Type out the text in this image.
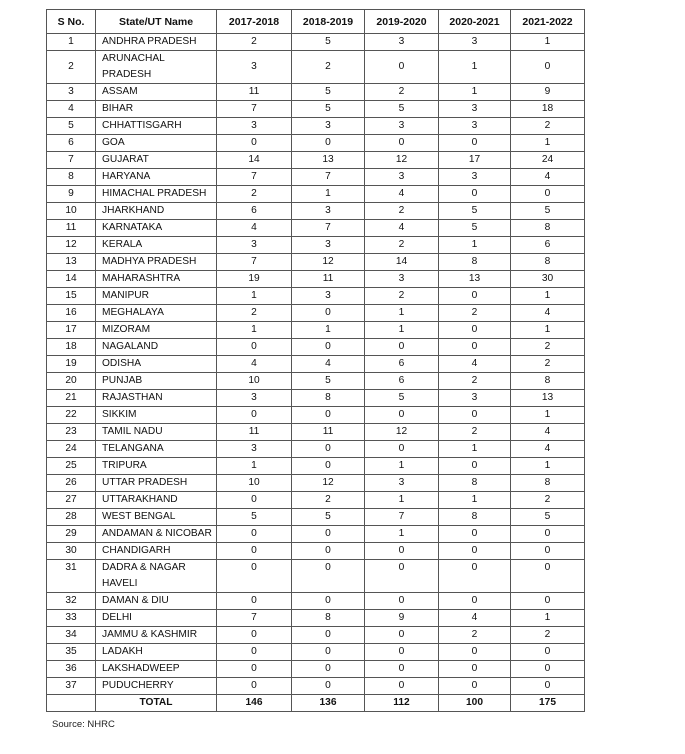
S No.	State/UT Name	2017-2018	2018-2019	2019-2020	2020-2021	2021-2022
1	ANDHRA PRADESH	2	5	3	3	1
2	ARUNACHAL PRADESH	3	2	0	1	0
3	ASSAM	11	5	2	1	9
4	BIHAR	7	5	5	3	18
5	CHHATTISGARH	3	3	3	3	2
6	GOA	0	0	0	0	1
7	GUJARAT	14	13	12	17	24
8	HARYANA	7	7	3	3	4
9	HIMACHAL PRADESH	2	1	4	0	0
10	JHARKHAND	6	3	2	5	5
11	KARNATAKA	4	7	4	5	8
12	KERALA	3	3	2	1	6
13	MADHYA PRADESH	7	12	14	8	8
14	MAHARASHTRA	19	11	3	13	30
15	MANIPUR	1	3	2	0	1
16	MEGHALAYA	2	0	1	2	4
17	MIZORAM	1	1	1	0	1
18	NAGALAND	0	0	0	0	2
19	ODISHA	4	4	6	4	2
20	PUNJAB	10	5	6	2	8
21	RAJASTHAN	3	8	5	3	13
22	SIKKIM	0	0	0	0	1
23	TAMIL NADU	11	11	12	2	4
24	TELANGANA	3	0	0	1	4
25	TRIPURA	1	0	1	0	1
26	UTTAR PRADESH	10	12	3	8	8
27	UTTARAKHAND	0	2	1	1	2
28	WEST BENGAL	5	5	7	8	5
29	ANDAMAN & NICOBAR	0	0	1	0	0
30	CHANDIGARH	0	0	0	0	0
31	DADRA & NAGAR HAVELI	0	0	0	0	0
32	DAMAN & DIU	0	0	0	0	0
33	DELHI	7	8	9	4	1
34	JAMMU & KASHMIR	0	0	0	2	2
35	LADAKH	0	0	0	0	0
36	LAKSHADWEEP	0	0	0	0	0
37	PUDUCHERRY	0	0	0	0	0
	TOTAL	146	136	112	100	175
Source: NHRC
